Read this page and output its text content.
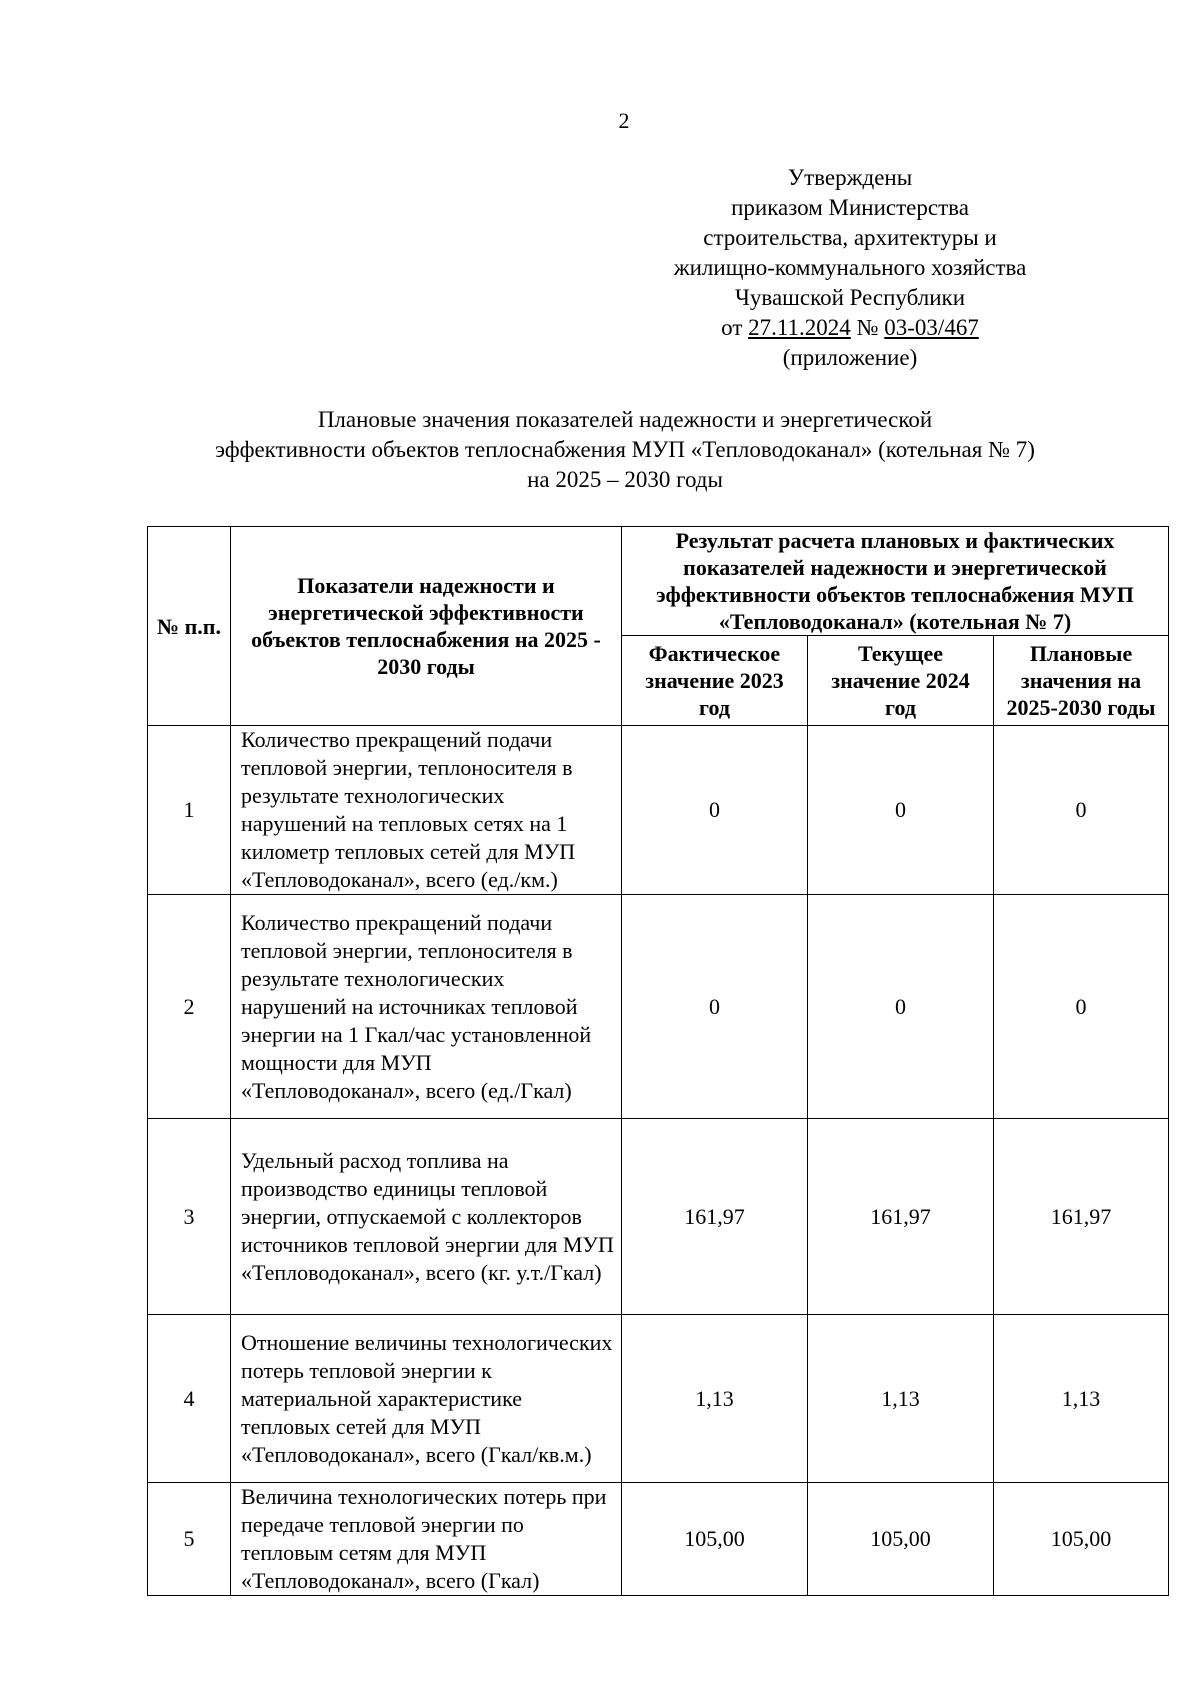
2
Утверждены
приказом Министерства
строительства, архитектуры и
жилищно-коммунального хозяйства
Чувашской Республики
от 27.11.2024 № 03-03/467
(приложение)
Плановые значения показателей надежности и энергетической
эффективности объектов теплоснабжения МУП «Тепловодоканал» (котельная № 7)
на 2025 – 2030 годы
№ п.п.	Показатели надежности и энергетической эффективности объектов теплоснабжения на 2025 - 2030 годы	Результат расчета плановых и фактических показателей надежности и энергетической эффективности объектов теплоснабжения МУП «Тепловодоканал» (котельная № 7)		
		Фактическое значение 2023 год	Текущее значение 2024 год	Плановые значения на 2025-2030 годы
1	Количество прекращений подачи тепловой энергии, теплоносителя в результате технологических нарушений на тепловых сетях на 1 километр тепловых сетей для МУП «Тепловодоканал», всего (ед./км.)	0	0	0
2	Количество прекращений подачи тепловой энергии, теплоносителя в результате технологических нарушений на источниках тепловой энергии на 1 Гкал/час установленной мощности для МУП «Тепловодоканал», всего (ед./Гкал)	0	0	0
3	Удельный расход топлива на производство единицы тепловой энергии, отпускаемой с коллекторов источников тепловой энергии для МУП «Тепловодоканал», всего (кг. у.т./Гкал)	161,97	161,97	161,97
4	Отношение величины технологических потерь тепловой энергии к материальной характеристике тепловых сетей для МУП «Тепловодоканал», всего (Гкал/кв.м.)	1,13	1,13	1,13
5	Величина технологических потерь при передаче тепловой энергии по тепловым сетям для МУП «Тепловодоканал», всего (Гкал)	105,00	105,00	105,00
